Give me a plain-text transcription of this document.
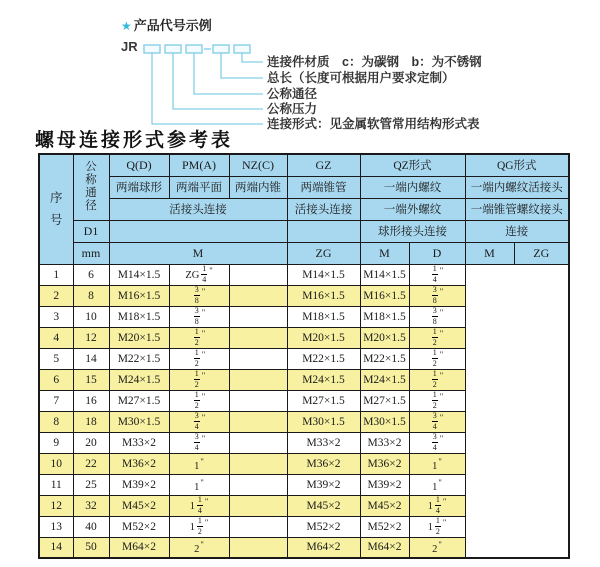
★ 产品代号示例
JR
连接件材质　c：为碳钢　b：为不锈钢
总长（长度可根据用户要求定制）
公称通径
公称压力
连接形式：见金属软管常用结构形式表
螺母连接形式参考表
序
号	公
称
通
径	Q(D)	PM(A)	NZ(C)	GZ	QZ形式		QG形式	
		两端球形	两端平面	两端内锥	两端锥管	一端内螺纹		一端内螺纹活接头	
		活接头连接			活接头连接	一端外螺纹		一端锥管螺纹接头	
	D1					球形接头连接		连接	
	mm	M			ZG	M	D	M	ZG
1	6	M14×1.5	ZG  $\frac{1}{4} ^"$		M14×1.5	M14×1.5	$\frac{1}{4} ^"$
2	8	M16×1.5	$\frac{3}{8} ^"$		M16×1.5	M16×1.5	$\frac{3}{8} ^"$
3	10	M18×1.5	$\frac{3}{8} ^"$		M18×1.5	M18×1.5	$\frac{3}{8} ^"$
4	12	M20×1.5	$\frac{1}{2} ^"$		M20×1.5	M20×1.5	$\frac{1}{2} ^"$
5	14	M22×1.5	$\frac{1}{2} ^"$		M22×1.5	M22×1.5	$\frac{1}{2} ^"$
6	15	M24×1.5	$\frac{1}{2} ^"$		M24×1.5	M24×1.5	$\frac{1}{2} ^"$
7	16	M27×1.5	$\frac{1}{2} ^"$		M27×1.5	M27×1.5	$\frac{1}{2} ^"$
8	18	M30×1.5	$\frac{3}{4} ^"$		M30×1.5	M30×1.5	$\frac{3}{4} ^"$
9	20	M33×2	$\frac{3}{4} ^"$		M33×2	M33×2	$\frac{3}{4} ^"$
10	22	M36×2	1"		M36×2	M36×2	1"
11	25	M39×2	1"		M39×2	M39×2	1"
12	32	M45×2	1  $\frac{1}{4} ^"$		M45×2	M45×2	1  $\frac{1}{4} ^"$
13	40	M52×2	1  $\frac{1}{2} ^"$		M52×2	M52×2	1  $\frac{1}{2} ^"$
14	50	M64×2	2"		M64×2	M64×2	2"
